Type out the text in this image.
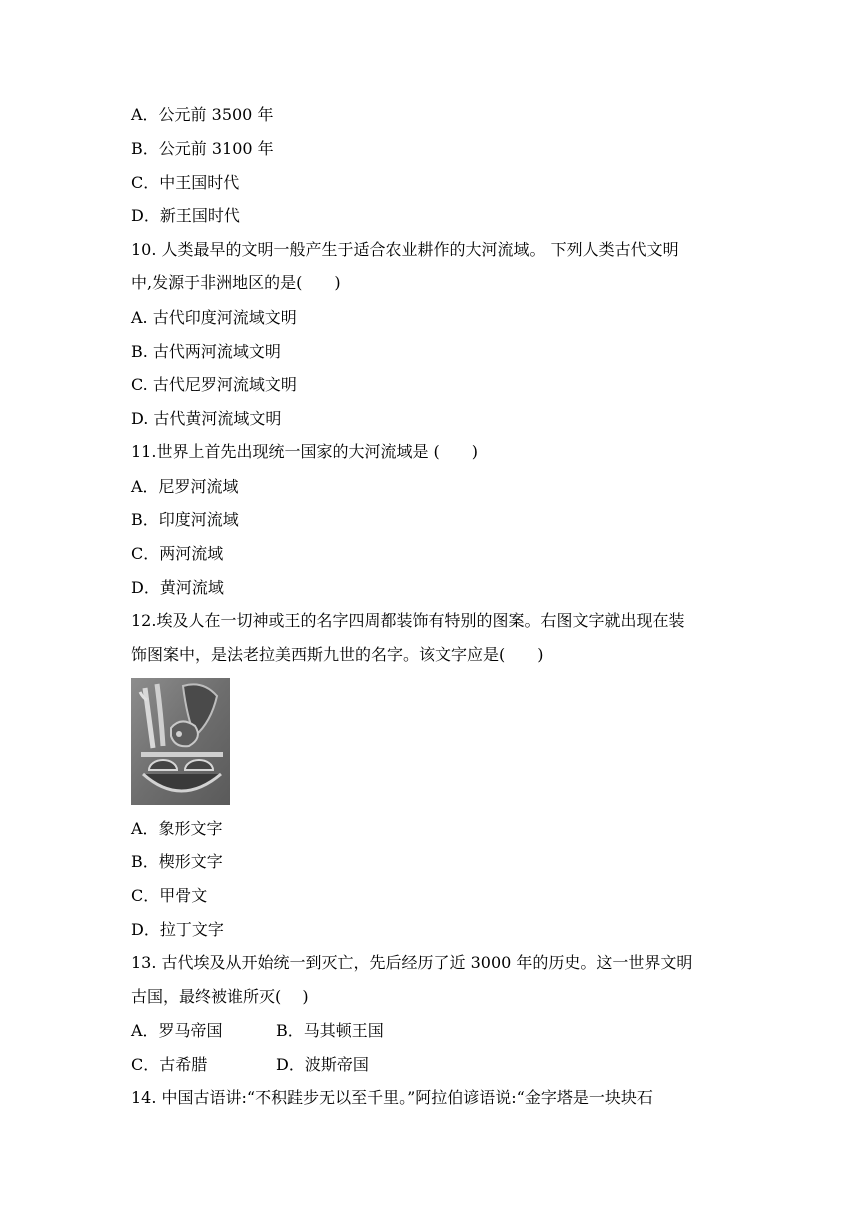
A．公元前 3500 年
B．公元前 3100 年
C．中王国时代
D．新王国时代
10. 人类最早的文明一般产生于适合农业耕作的大河流域。 下列人类古代文明
中,发源于非洲地区的是(　　)
A. 古代印度河流域文明
B. 古代两河流域文明
C. 古代尼罗河流域文明
D. 古代黄河流域文明
11.世界上首先出现统一国家的大河流域是 (　　)
A．尼罗河流域
B．印度河流域
C．两河流域
D．黄河流域
12.埃及人在一切神或王的名字四周都装饰有特别的图案。右图文字就出现在装
饰图案中，是法老拉美西斯九世的名字。该文字应是(　　)
A．象形文字
B．楔形文字
C．甲骨文
D．拉丁文字
13. 古代埃及从开始统一到灭亡，先后经历了近 3000 年的历史。这一世界文明
古国，最终被谁所灭(　 )
A．罗马帝国	B．马其顿王国
C．古希腊	D．波斯帝国
14. 中国古语讲:“不积跬步无以至千里。”阿拉伯谚语说:“金字塔是一块块石
